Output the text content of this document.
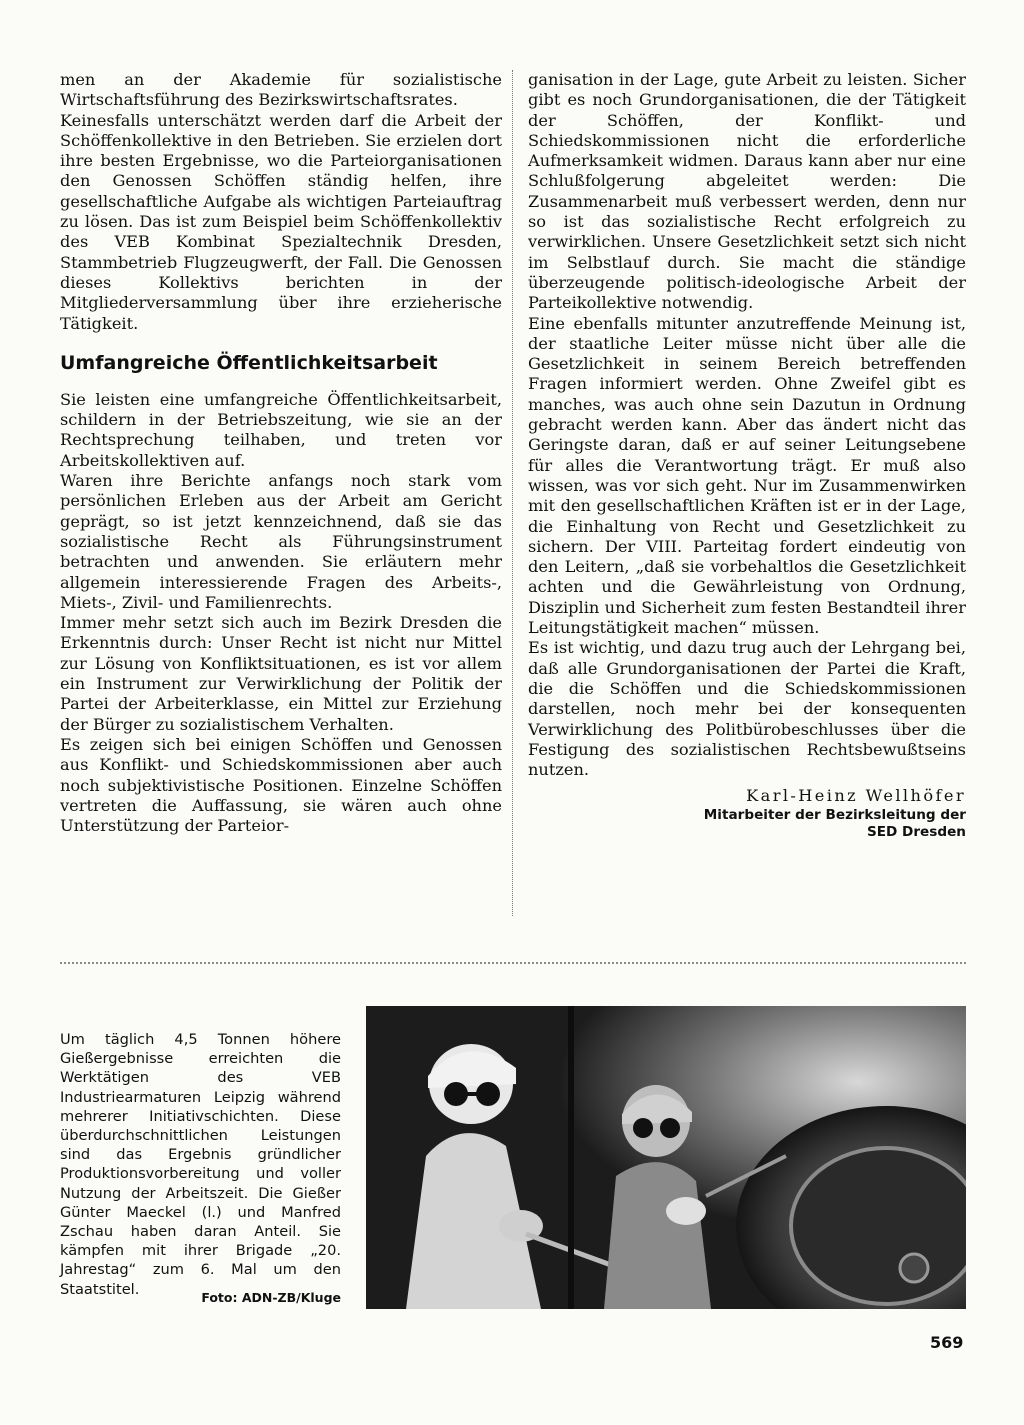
men an der Akademie für sozialistische Wirtschaftsführung des Bezirkswirtschaftsrates.

Keinesfalls unterschätzt werden darf die Arbeit der Schöffenkollektive in den Betrieben. Sie erzielen dort ihre besten Ergebnisse, wo die Parteiorganisationen den Genossen Schöffen ständig helfen, ihre gesellschaftliche Aufgabe als wichtigen Parteiauftrag zu lösen. Das ist zum Beispiel beim Schöffenkollektiv des VEB Kombinat Spezialtechnik Dresden, Stammbetrieb Flugzeugwerft, der Fall. Die Genossen dieses Kollektivs berichten in der Mitgliederversammlung über ihre erzieherische Tätigkeit.

Umfangreiche Öffentlichkeitsarbeit

Sie leisten eine umfangreiche Öffentlichkeitsarbeit, schildern in der Betriebszeitung, wie sie an der Rechtsprechung teilhaben, und treten vor Arbeitskollektiven auf.

Waren ihre Berichte anfangs noch stark vom persönlichen Erleben aus der Arbeit am Gericht geprägt, so ist jetzt kennzeichnend, daß sie das sozialistische Recht als Führungsinstrument betrachten und anwenden. Sie erläutern mehr allgemein interessierende Fragen des Arbeits-, Miets-, Zivil- und Familienrechts.

Immer mehr setzt sich auch im Bezirk Dresden die Erkenntnis durch: Unser Recht ist nicht nur Mittel zur Lösung von Konfliktsituationen, es ist vor allem ein Instrument zur Verwirklichung der Politik der Partei der Arbeiterklasse, ein Mittel zur Erziehung der Bürger zu sozialistischem Verhalten.

Es zeigen sich bei einigen Schöffen und Genossen aus Konflikt- und Schiedskommissionen aber auch noch subjektivistische Positionen. Einzelne Schöffen vertreten die Auffassung, sie wären auch ohne Unterstützung der Parteior-

ganisation in der Lage, gute Arbeit zu leisten. Sicher gibt es noch Grundorganisationen, die der Tätigkeit der Schöffen, der Konflikt- und Schiedskommissionen nicht die erforderliche Aufmerksamkeit widmen. Daraus kann aber nur eine Schlußfolgerung abgeleitet werden: Die Zusammenarbeit muß verbessert werden, denn nur so ist das sozialistische Recht erfolgreich zu verwirklichen. Unsere Gesetzlichkeit setzt sich nicht im Selbstlauf durch. Sie macht die ständige überzeugende politisch-ideologische Arbeit der Parteikollektive notwendig.

Eine ebenfalls mitunter anzutreffende Meinung ist, der staatliche Leiter müsse nicht über alle die Gesetzlichkeit in seinem Bereich betreffenden Fragen informiert werden. Ohne Zweifel gibt es manches, was auch ohne sein Dazutun in Ordnung gebracht werden kann. Aber das ändert nicht das Geringste daran, daß er auf seiner Leitungsebene für alles die Verantwortung trägt. Er muß also wissen, was vor sich geht. Nur im Zusammenwirken mit den gesellschaftlichen Kräften ist er in der Lage, die Einhaltung von Recht und Gesetzlichkeit zu sichern. Der VIII. Parteitag fordert eindeutig von den Leitern, „daß sie vorbehaltlos die Gesetzlichkeit achten und die Gewährleistung von Ordnung, Disziplin und Sicherheit zum festen Bestandteil ihrer Leitungstätigkeit machen“ müssen.

Es ist wichtig, und dazu trug auch der Lehrgang bei, daß alle Grundorganisationen der Partei die Kraft, die die Schöffen und die Schiedskommissionen darstellen, noch mehr bei der konsequenten Verwirklichung des Politbürobeschlusses über die Festigung des sozialistischen Rechtsbewußtseins nutzen.

Karl-Heinz Wellhöfer
Mitarbeiter der Bezirksleitung der
SED Dresden
Um täglich 4,5 Tonnen höhere Gießergebnisse erreichten die Werktätigen des VEB Industriearmaturen Leipzig während mehrerer Initiativschichten. Diese überdurchschnittlichen Leistungen sind das Ergebnis gründlicher Produktionsvorbereitung und voller Nutzung der Arbeitszeit. Die Gießer Günter Maeckel (l.) und Manfred Zschau haben daran Anteil. Sie kämpfen mit ihrer Brigade „20. Jahrestag“ zum 6. Mal um den Staatstitel.	Foto: ADN-ZB/Kluge
569
